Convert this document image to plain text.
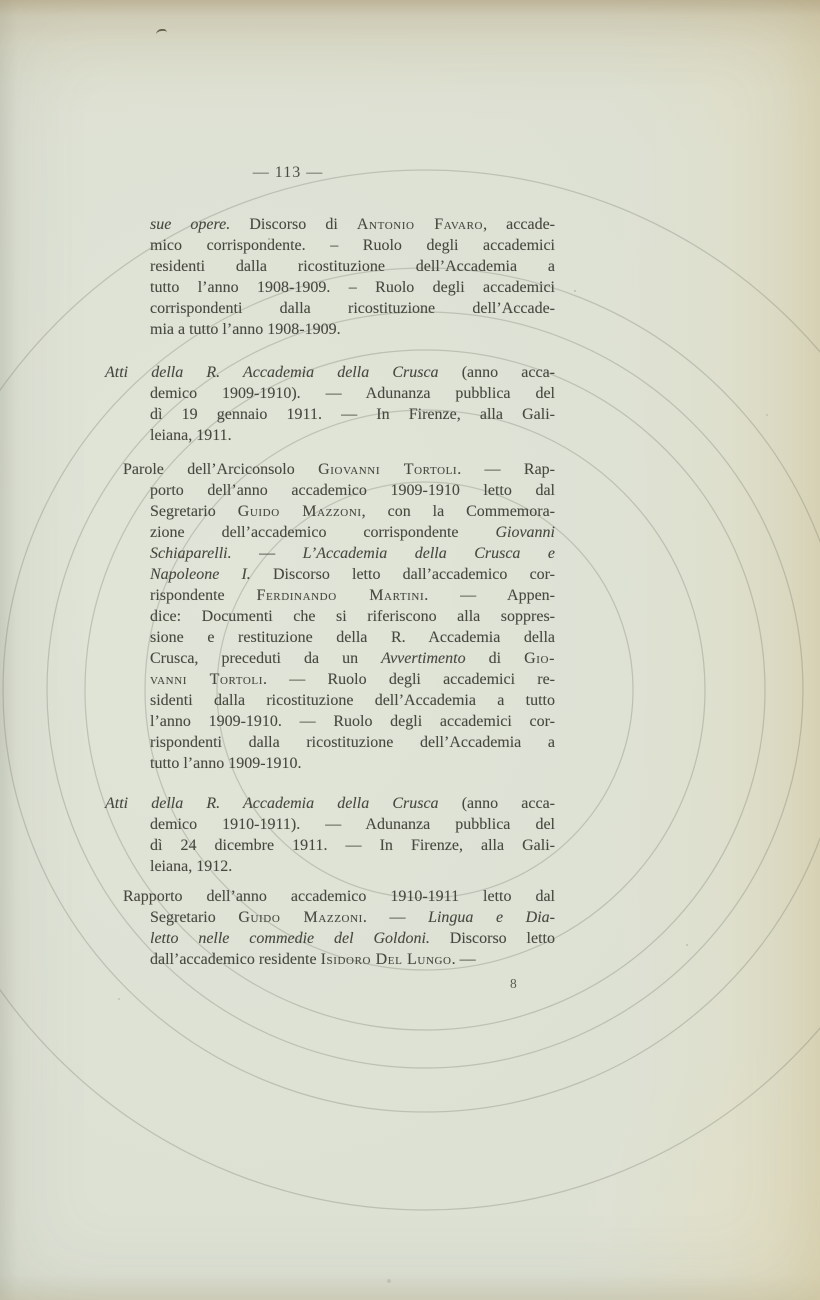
— 113 —
sue opere. Discorso di Antonio Favaro, accade-
mico corrispondente. – Ruolo degli accademici
residenti dalla ricostituzione dell’Accademia a
tutto l’anno 1908-1909. – Ruolo degli accademici
corrispondenti dalla ricostituzione dell’Accade-
mia a tutto l’anno 1908-1909.
Atti della R. Accademia della Crusca (anno acca-
demico 1909-1910). — Adunanza pubblica del
dì 19 gennaio 1911. — In Firenze, alla Gali-
leiana, 1911.
Parole dell’Arciconsolo Giovanni Tortoli. — Rap-
porto dell’anno accademico 1909-1910 letto dal
Segretario Guido Mazzoni, con la Commemora-
zione dell’accademico corrispondente Giovanni
Schiaparelli. — L’Accademia della Crusca e
Napoleone I. Discorso letto dall’accademico cor-
rispondente Ferdinando Martini. — Appen-
dice: Documenti che si riferiscono alla soppres-
sione e restituzione della R. Accademia della
Crusca, preceduti da un Avvertimento di Gio-
vanni Tortoli. — Ruolo degli accademici re-
sidenti dalla ricostituzione dell’Accademia a tutto
l’anno 1909-1910. — Ruolo degli accademici cor-
rispondenti dalla ricostituzione dell’Accademia a
tutto l’anno 1909-1910.
Atti della R. Accademia della Crusca (anno acca-
demico 1910-1911). — Adunanza pubblica del
dì 24 dicembre 1911. — In Firenze, alla Gali-
leiana, 1912.
Rapporto dell’anno accademico 1910-1911 letto dal
Segretario Guido Mazzoni. — Lingua e Dia-
letto nelle commedie del Goldoni. Discorso letto
dall’accademico residente Isidoro Del Lungo. —
8
